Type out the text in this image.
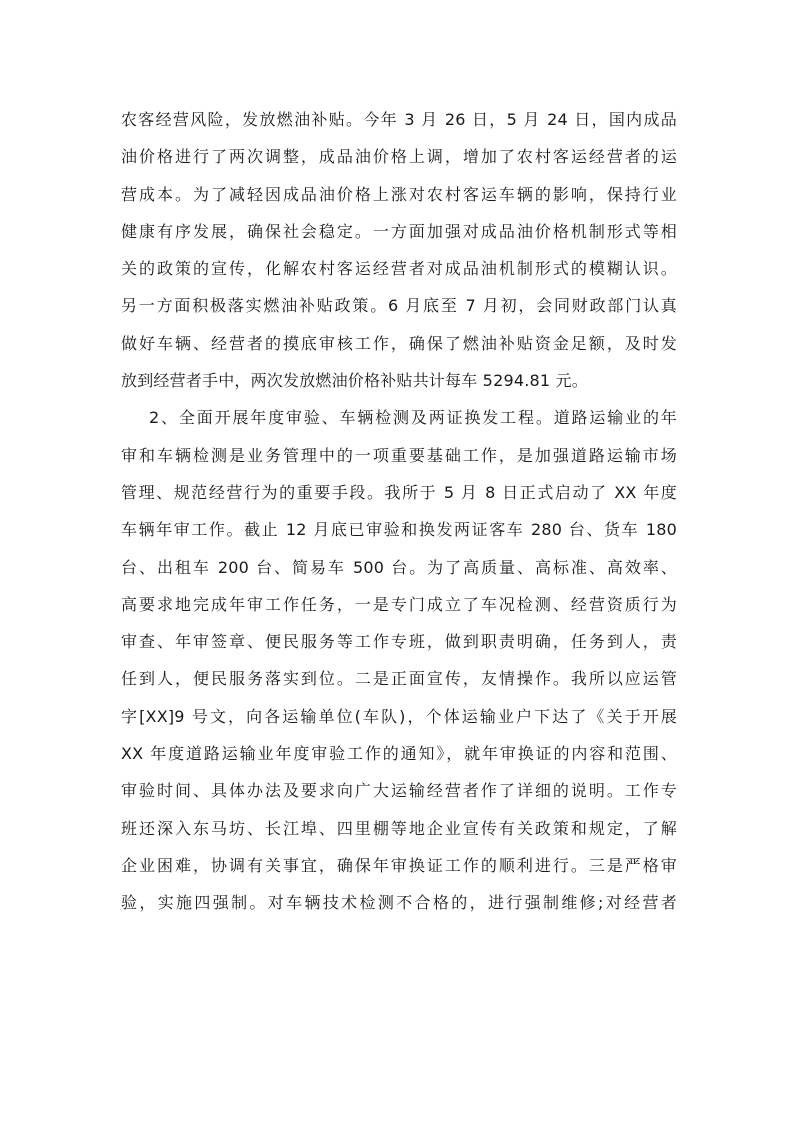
农客经营风险，发放燃油补贴。今年 3 月 26 日，5 月 24 日，国内成品
油价格进行了两次调整，成品油价格上调，增加了农村客运经营者的运
营成本。为了减轻因成品油价格上涨对农村客运车辆的影响，保持行业
健康有序发展，确保社会稳定。一方面加强对成品油价格机制形式等相
关的政策的宣传，化解农村客运经营者对成品油机制形式的模糊认识。
另一方面积极落实燃油补贴政策。6 月底至 7 月初，会同财政部门认真
做好车辆、经营者的摸底审核工作，确保了燃油补贴资金足额，及时发
放到经营者手中，两次发放燃油价格补贴共计每车 5294.81 元。
2、全面开展年度审验、车辆检测及两证换发工程。道路运输业的年
审和车辆检测是业务管理中的一项重要基础工作，是加强道路运输市场
管理、规范经营行为的重要手段。我所于 5 月 8 日正式启动了 XX 年度
车辆年审工作。截止 12 月底已审验和换发两证客车 280 台、货车 180
台、出租车 200 台、简易车 500 台。为了高质量、高标准、高效率、
高要求地完成年审工作任务，一是专门成立了车况检测、经营资质行为
审查、年审签章、便民服务等工作专班，做到职责明确，任务到人，责
任到人，便民服务落实到位。二是正面宣传，友情操作。我所以应运管
字[XX]9 号文，向各运输单位(车队)，个体运输业户下达了《关于开展
XX 年度道路运输业年度审验工作的通知》，就年审换证的内容和范围、
审验时间、具体办法及要求向广大运输经营者作了详细的说明。工作专
班还深入东马坊、长江埠、四里棚等地企业宣传有关政策和规定，了解
企业困难，协调有关事宜，确保年审换证工作的顺利进行。三是严格审
验，实施四强制。对车辆技术检测不合格的，进行强制维修;对经营者
